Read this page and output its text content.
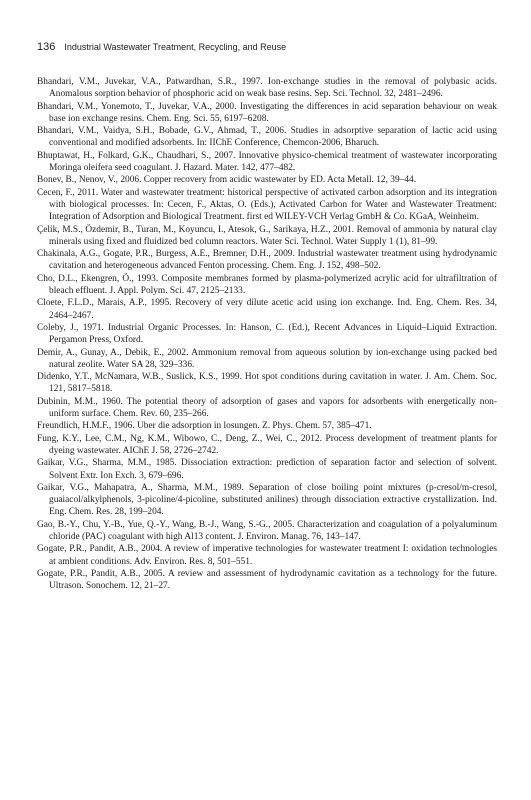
136 Industrial Wastewater Treatment, Recycling, and Reuse
Bhandari, V.M., Juvekar, V.A., Patwardhan, S.R., 1997. Ion-exchange studies in the removal of polybasic acids. Anomalous sorption behavior of phosphoric acid on weak base resins. Sep. Sci. Technol. 32, 2481–2496.
Bhandari, V.M., Yonemoto, T., Juvekar, V.A., 2000. Investigating the differences in acid separation behaviour on weak base ion exchange resins. Chem. Eng. Sci. 55, 6197–6208.
Bhandari, V.M., Vaidya, S.H., Bobade, G.V., Ahmad, T., 2006. Studies in adsorptive separation of lactic acid using conventional and modified adsorbents. In: IIChE Conference, Chemcon-2006, Bharuch.
Bhuptawat, H., Folkard, G.K., Chaudhari, S., 2007. Innovative physico-chemical treatment of wastewater incorporating Moringa oleifera seed coagulant. J. Hazard. Mater. 142, 477–482.
Bonev, B., Nenov, V., 2006. Copper recovery from acidic wastewater by ED. Acta Metall. 12, 39–44.
Cecen, F., 2011. Water and wastewater treatment: historical perspective of activated carbon adsorption and its integration with biological processes. In: Cecen, F., Aktas, O. (Eds.), Activated Carbon for Water and Wastewater Treatment: Integration of Adsorption and Biological Treatment. first ed WILEY-VCH Verlag GmbH & Co. KGaA, Weinheim.
Çelik, M.S., Özdemir, B., Turan, M., Koyuncu, I., Atesok, G., Sarikaya, H.Z., 2001. Removal of ammonia by natural clay minerals using fixed and fluidized bed column reactors. Water Sci. Technol. Water Supply 1 (1), 81–99.
Chakinala, A.G., Gogate, P.R., Burgess, A.E., Bremner, D.H., 2009. Industrial wastewater treatment using hydrodynamic cavitation and heterogeneous advanced Fenton processing. Chem. Eng. J. 152, 498–502.
Cho, D.L., Ekengren, Ö., 1993. Composite membranes formed by plasma-polymerized acrylic acid for ultrafiltration of bleach effluent. J. Appl. Polym. Sci. 47, 2125–2133.
Cloete, F.L.D., Marais, A.P., 1995. Recovery of very dilute acetic acid using ion exchange. Ind. Eng. Chem. Res. 34, 2464–2467.
Coleby, J., 1971. Industrial Organic Processes. In: Hanson, C. (Ed.), Recent Advances in Liquid–Liquid Extraction. Pergamon Press, Oxford.
Demir, A., Gunay, A., Debik, E., 2002. Ammonium removal from aqueous solution by ion-exchange using packed bed natural zeolite. Water SA 28, 329–336.
Didenko, Y.T., McNamara, W.B., Suslick, K.S., 1999. Hot spot conditions during cavitation in water. J. Am. Chem. Soc. 121, 5817–5818.
Dubinin, M.M., 1960. The potential theory of adsorption of gases and vapors for adsorbents with energetically non-uniform surface. Chem. Rev. 60, 235–266.
Freundlich, H.M.F., 1906. Uber die adsorption in losungen. Z. Phys. Chem. 57, 385–471.
Fung, K.Y., Lee, C.M., Ng, K.M., Wibowo, C., Deng, Z., Wei, C., 2012. Process development of treatment plants for dyeing wastewater. AIChE J. 58, 2726–2742.
Gaikar, V.G., Sharma, M.M., 1985. Dissociation extraction: prediction of separation factor and selection of solvent. Solvent Extr. Ion Exch. 3, 679–696.
Gaikar, V.G., Mahapatra, A., Sharma, M.M., 1989. Separation of close boiling point mixtures (p-cresol/m-cresol, guaiacol/alkylphenols, 3-picoline/4-picoline, substituted anilines) through dissociation extractive crystallization. Ind. Eng. Chem. Res. 28, 199–204.
Gao, B.-Y., Chu, Y.-B., Yue, Q.-Y., Wang, B.-J., Wang, S.-G., 2005. Characterization and coagulation of a polyaluminum chloride (PAC) coagulant with high Al13 content. J. Environ. Manag. 76, 143–147.
Gogate, P.R., Pandit, A.B., 2004. A review of imperative technologies for wastewater treatment I: oxidation technologies at ambient conditions. Adv. Environ. Res. 8, 501–551.
Gogate, P.R., Pandit, A.B., 2005. A review and assessment of hydrodynamic cavitation as a technology for the future. Ultrason. Sonochem. 12, 21–27.
